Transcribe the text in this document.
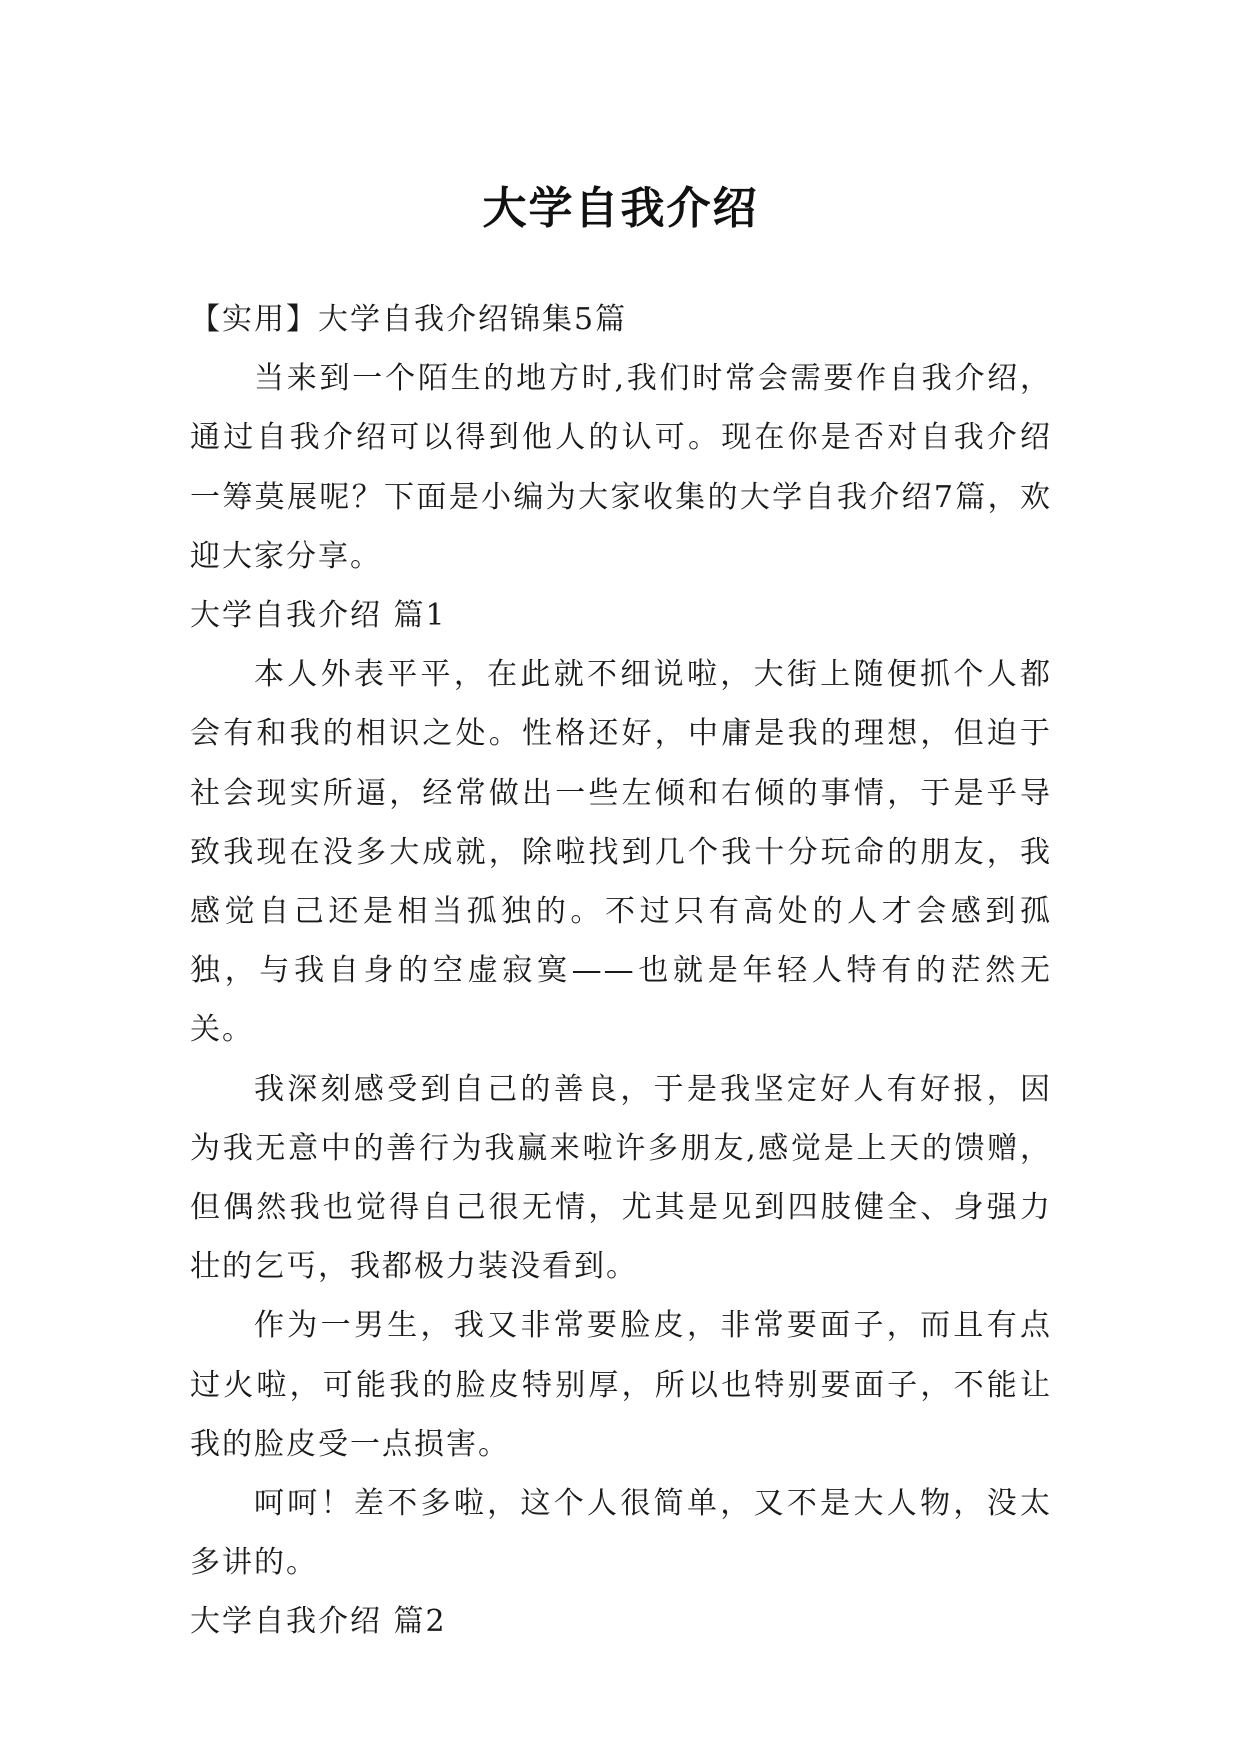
大学自我介绍

【实用】大学自我介绍锦集5篇

当来到一个陌生的地方时,我们时常会需要作自我介绍，通过自我介绍可以得到他人的认可。现在你是否对自我介绍一筹莫展呢？下面是小编为大家收集的大学自我介绍7篇，欢迎大家分享。

大学自我介绍 篇1

本人外表平平，在此就不细说啦，大街上随便抓个人都会有和我的相识之处。性格还好，中庸是我的理想，但迫于社会现实所逼，经常做出一些左倾和右倾的事情，于是乎导致我现在没多大成就，除啦找到几个我十分玩命的朋友，我感觉自己还是相当孤独的。不过只有高处的人才会感到孤独，与我自身的空虚寂寞——也就是年轻人特有的茫然无关。

我深刻感受到自己的善良，于是我坚定好人有好报，因为我无意中的善行为我赢来啦许多朋友,感觉是上天的馈赠，但偶然我也觉得自己很无情，尤其是见到四肢健全、身强力壮的乞丐，我都极力装没看到。

作为一男生，我又非常要脸皮，非常要面子，而且有点过火啦，可能我的脸皮特别厚，所以也特别要面子，不能让我的脸皮受一点损害。

呵呵！差不多啦，这个人很简单，又不是大人物，没太多讲的。

大学自我介绍 篇2
